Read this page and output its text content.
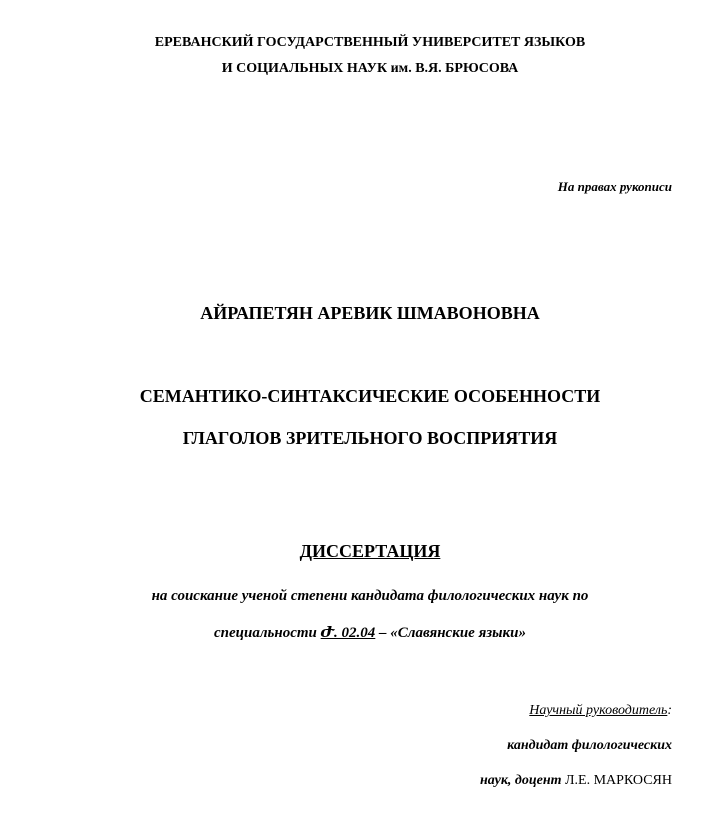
ЕРЕВАНСКИЙ ГОСУДАРСТВЕННЫЙ УНИВЕРСИТЕТ ЯЗЫКОВ
И СОЦИАЛЬНЫХ НАУК им. В.Я. БРЮСОВА
На правах рукописи
АЙРАПЕТЯН АРЕВИК ШМАВОНОВНА
СЕМАНТИКО-СИНТАКСИЧЕСКИЕ ОСОБЕННОСТИ
ГЛАГОЛОВ ЗРИТЕЛЬНОГО ВОСПРИЯТИЯ
ДИССЕРТАЦИЯ
на соискание ученой степени кандидата филологических наук по
специальности Ժ. 02.04 – «Славянские языки»
Научный руководитель:
кандидат филологических
наук, доцент Л.Е. МАРКОСЯН
